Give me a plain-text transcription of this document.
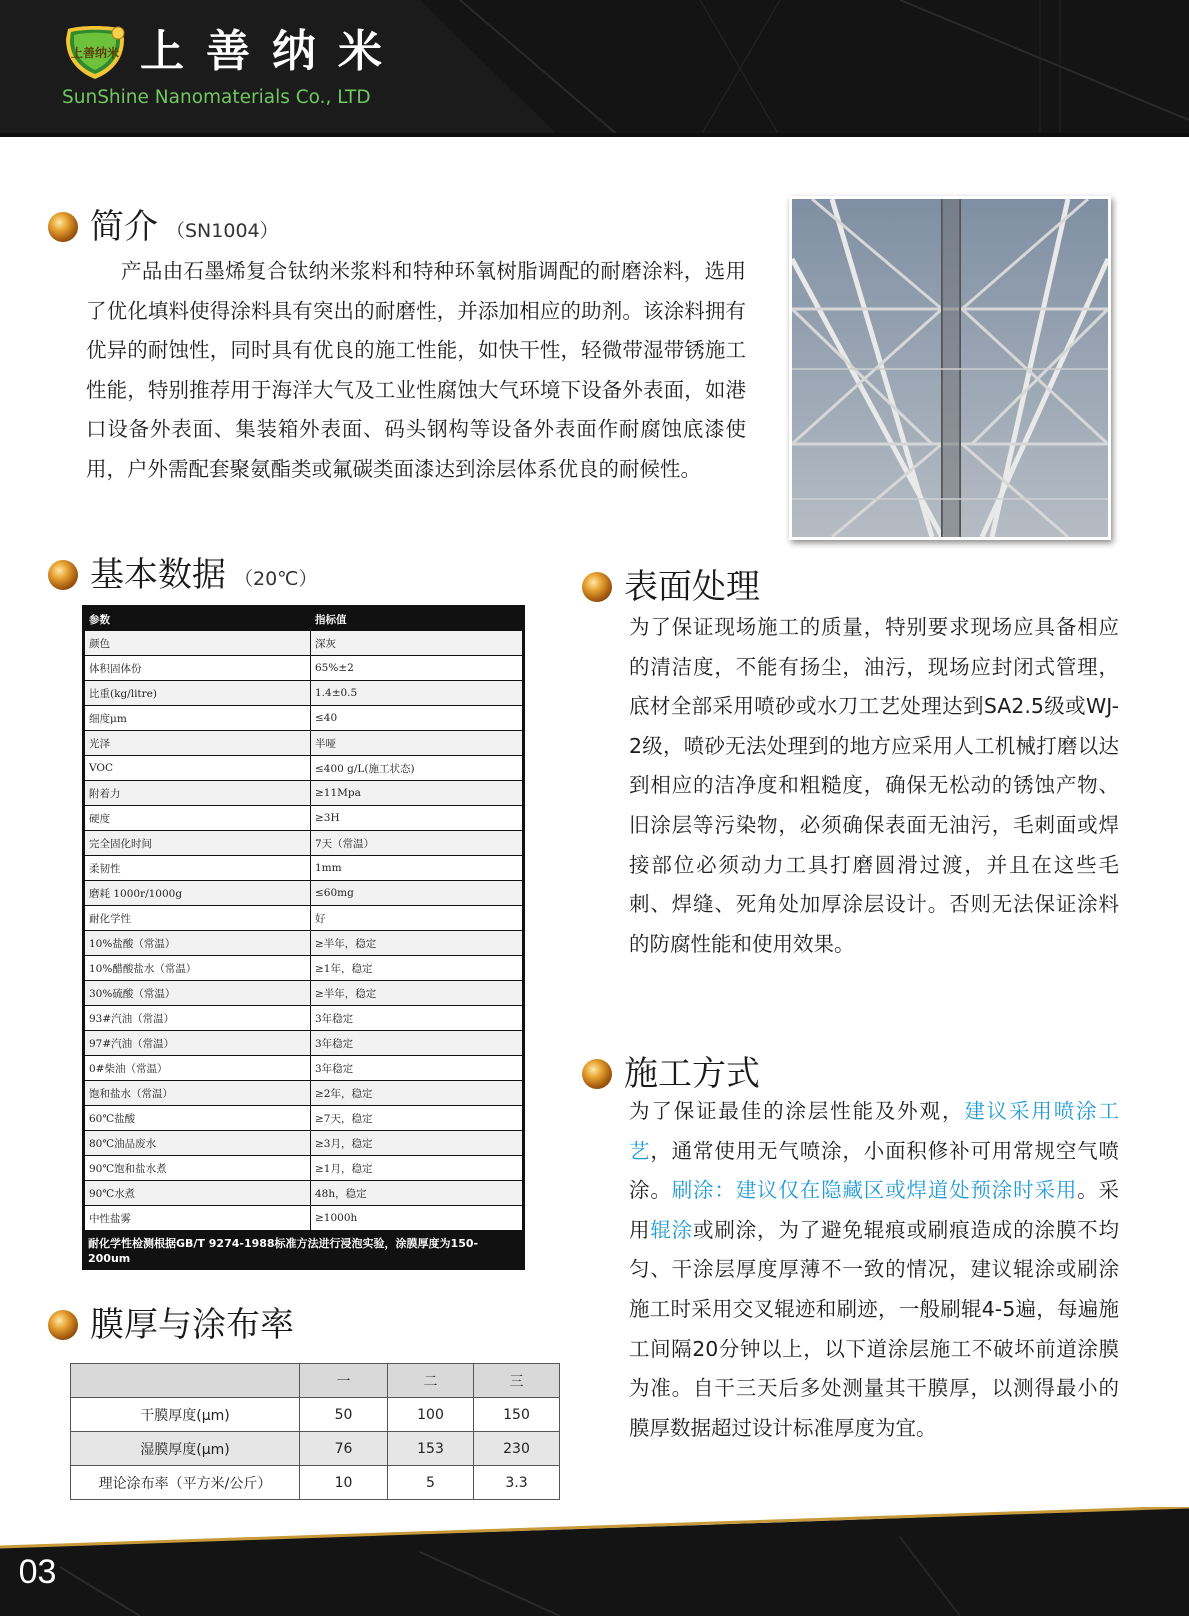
上善纳米 上善纳米
SunShine Nanomaterials Co., LTD
简介 （SN1004）

产品由石墨烯复合钛纳米浆料和特种环氧树脂调配的耐磨涂料，选用了优化填料使得涂料具有突出的耐磨性，并添加相应的助剂。该涂料拥有优异的耐蚀性，同时具有优良的施工性能，如快干性，轻微带湿带锈施工性能，特别推荐用于海洋大气及工业性腐蚀大气环境下设备外表面，如港口设备外表面、集装箱外表面、码头钢构等设备外表面作耐腐蚀底漆使用，户外需配套聚氨酯类或氟碳类面漆达到涂层体系优良的耐候性。

基本数据 （20℃）
参数	指标值
颜色	深灰
体积固体份	65%±2
比重(kg/litre)	1.4±0.5
细度μm	≤40
光泽	半哑
VOC	≤400 g/L(施工状态)
附着力	≥11Mpa
硬度	≥3H
完全固化时间	7天（常温）
柔韧性	1mm
磨耗 1000r/1000g	≤60mg
耐化学性	好
10%盐酸（常温）	≥半年，稳定
10%醋酸盐水（常温）	≥1年，稳定
30%硫酸（常温）	≥半年，稳定
93#汽油（常温）	3年稳定
97#汽油（常温）	3年稳定
0#柴油（常温）	3年稳定
饱和盐水（常温）	≥2年，稳定
60℃盐酸	≥7天，稳定
80℃油品废水	≥3月，稳定
90℃饱和盐水煮	≥1月，稳定
90℃水煮	48h，稳定
中性盐雾	≥1000h
耐化学性检测根据GB/T 9274-1988标准方法进行浸泡实验，涂膜厚度为150-200um
膜厚与涂布率
	一	二	三
干膜厚度(μm)	50	100	150
湿膜厚度(μm)	76	153	230
理论涂布率（平方米/公斤）	10	5	3.3
表面处理

为了保证现场施工的质量，特别要求现场应具备相应的清洁度，不能有扬尘，油污，现场应封闭式管理，底材全部采用喷砂或水刀工艺处理达到SA2.5级或WJ-2级，喷砂无法处理到的地方应采用人工机械打磨以达到相应的洁净度和粗糙度，确保无松动的锈蚀产物、旧涂层等污染物，必须确保表面无油污，毛刺面或焊接部位必须动力工具打磨圆滑过渡，并且在这些毛刺、焊缝、死角处加厚涂层设计。否则无法保证涂料的防腐性能和使用效果。

施工方式

为了保证最佳的涂层性能及外观，建议采用喷涂工艺，通常使用无气喷涂，小面积修补可用常规空气喷涂。刷涂：建议仅在隐藏区或焊道处预涂时采用。采用辊涂或刷涂，为了避免辊痕或刷痕造成的涂膜不均匀、干涂层厚度厚薄不一致的情况，建议辊涂或刷涂施工时采用交叉辊迹和刷迹，一般刷辊4-5遍，每遍施工间隔20分钟以上，以下道涂层施工不破坏前道涂膜为准。自干三天后多处测量其干膜厚，以测得最小的膜厚数据超过设计标准厚度为宜。

03
